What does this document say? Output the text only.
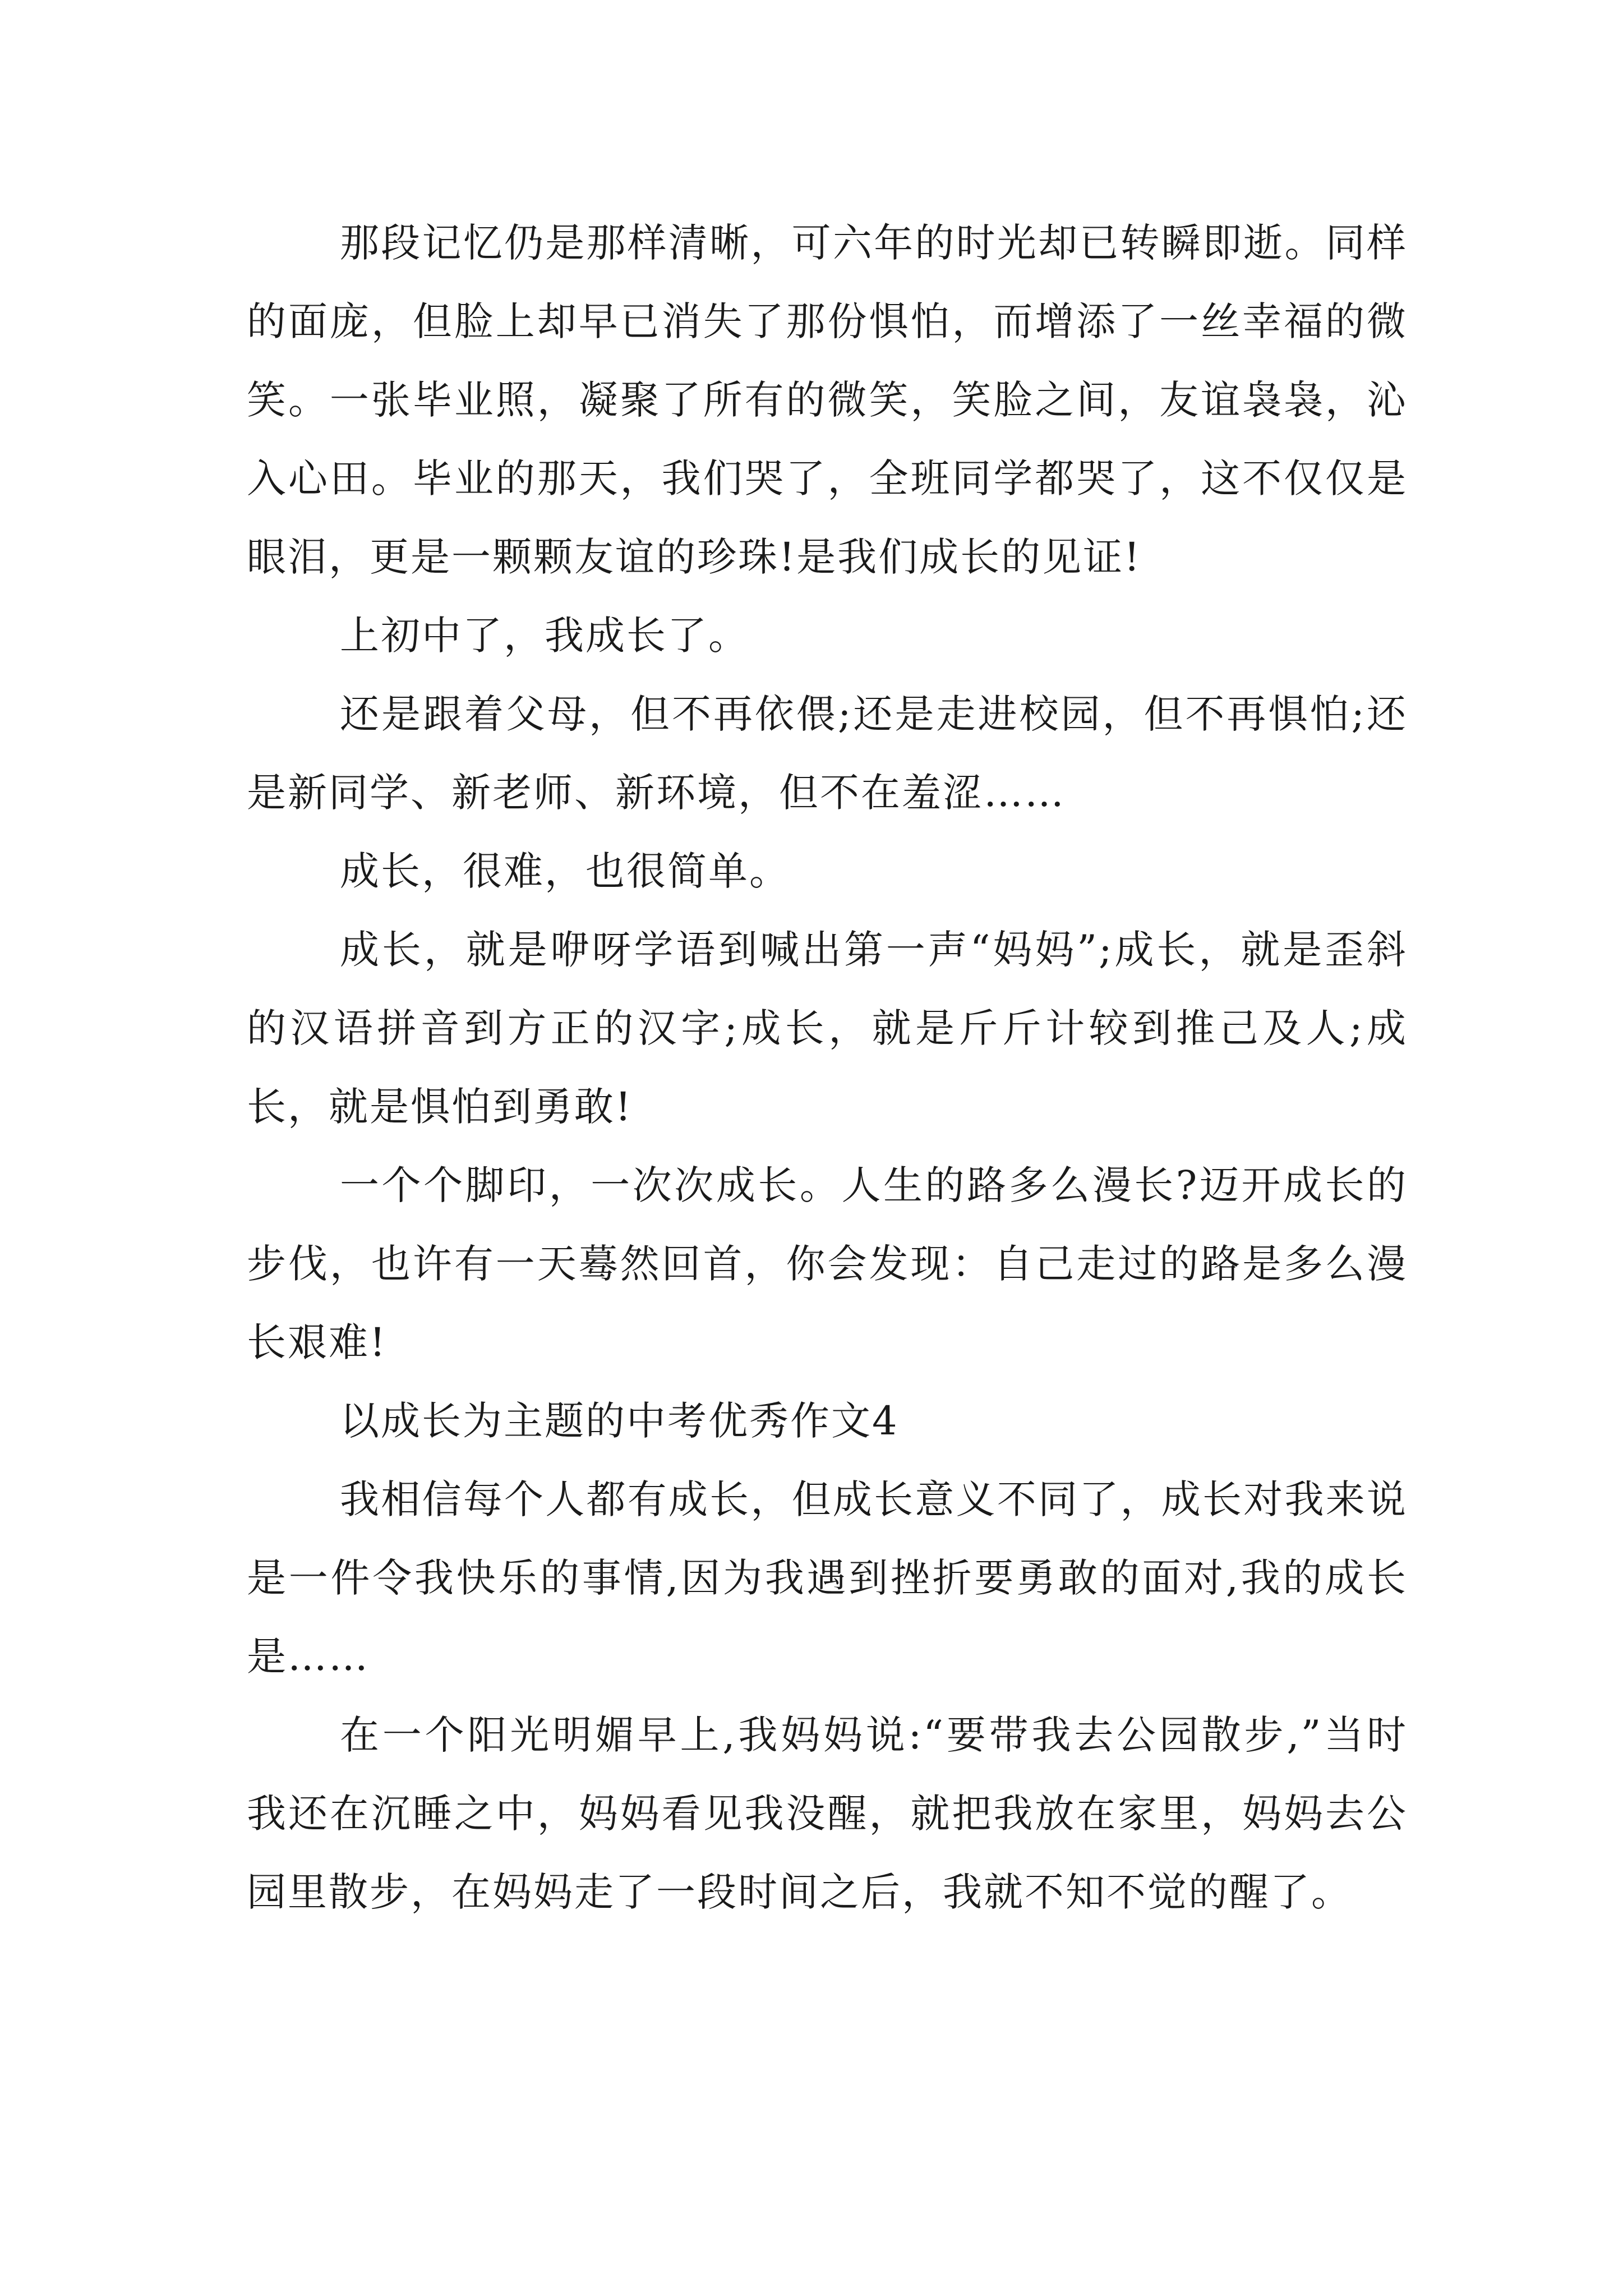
那段记忆仍是那样清晰，可六年的时光却已转瞬即逝。同样的面庞，但脸上却早已消失了那份惧怕，而增添了一丝幸福的微笑。一张毕业照，凝聚了所有的微笑，笑脸之间，友谊袅袅，沁入心田。毕业的那天，我们哭了，全班同学都哭了，这不仅仅是眼泪，更是一颗颗友谊的珍珠!是我们成长的见证!

上初中了，我成长了。

还是跟着父母，但不再依偎;还是走进校园，但不再惧怕;还是新同学、新老师、新环境，但不在羞涩……

成长，很难，也很简单。

成长，就是咿呀学语到喊出第一声“妈妈”;成长，就是歪斜的汉语拼音到方正的汉字;成长，就是斤斤计较到推己及人;成长，就是惧怕到勇敢!

一个个脚印，一次次成长。人生的路多么漫长?迈开成长的步伐，也许有一天蓦然回首，你会发现：自己走过的路是多么漫长艰难!

以成长为主题的中考优秀作文4

我相信每个人都有成长，但成长意义不同了，成长对我来说是一件令我快乐的事情,因为我遇到挫折要勇敢的面对,我的成长是……

在一个阳光明媚早上,我妈妈说:“要带我去公园散步,”当时我还在沉睡之中，妈妈看见我没醒，就把我放在家里，妈妈去公园里散步，在妈妈走了一段时间之后，我就不知不觉的醒了。
